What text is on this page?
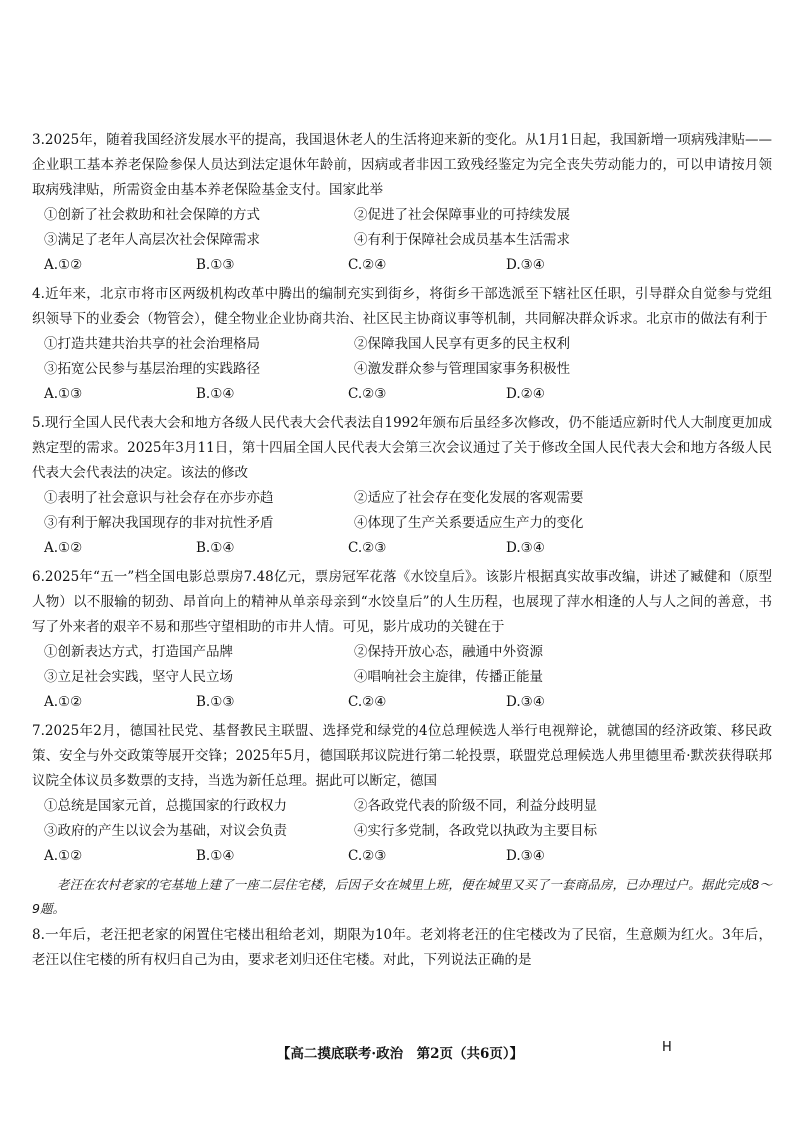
3.2025年，随着我国经济发展水平的提高，我国退休老人的生活将迎来新的变化。从1月1日起，我国新增一项病残津贴——企业职工基本养老保险参保人员达到法定退休年龄前，因病或者非因工致残经鉴定为完全丧失劳动能力的，可以申请按月领取病残津贴，所需资金由基本养老保险基金支付。国家此举
①创新了社会救助和社会保障的方式	②促进了社会保障事业的可持续发展
③满足了老年人高层次社会保障需求	④有利于保障社会成员基本生活需求
A.①②	B.①③	C.②④	D.③④
4.近年来，北京市将市区两级机构改革中腾出的编制充实到街乡，将街乡干部选派至下辖社区任职，引导群众自觉参与党组织领导下的业委会（物管会），健全物业企业协商共治、社区民主协商议事等机制，共同解决群众诉求。北京市的做法有利于
①打造共建共治共享的社会治理格局	②保障我国人民享有更多的民主权利
③拓宽公民参与基层治理的实践路径	④激发群众参与管理国家事务积极性
A.①③	B.①④	C.②③	D.②④
5.现行全国人民代表大会和地方各级人民代表大会代表法自1992年颁布后虽经多次修改，仍不能适应新时代人大制度更加成熟定型的需求。2025年3月11日，第十四届全国人民代表大会第三次会议通过了关于修改全国人民代表大会和地方各级人民代表大会代表法的决定。该法的修改
①表明了社会意识与社会存在亦步亦趋	②适应了社会存在变化发展的客观需要
③有利于解决我国现存的非对抗性矛盾	④体现了生产关系要适应生产力的变化
A.①②	B.①④	C.②③	D.③④
6.2025年“五一”档全国电影总票房7.48亿元，票房冠军花落《水饺皇后》。该影片根据真实故事改编，讲述了臧健和（原型人物）以不服输的韧劲、昂首向上的精神从单亲母亲到“水饺皇后”的人生历程，也展现了萍水相逢的人与人之间的善意，书写了外来者的艰辛不易和那些守望相助的市井人情。可见，影片成功的关键在于
①创新表达方式，打造国产品牌	②保持开放心态，融通中外资源
③立足社会实践，坚守人民立场	④唱响社会主旋律，传播正能量
A.①②	B.①③	C.②④	D.③④
7.2025年2月，德国社民党、基督教民主联盟、选择党和绿党的4位总理候选人举行电视辩论，就德国的经济政策、移民政策、安全与外交政策等展开交锋；2025年5月，德国联邦议院进行第二轮投票，联盟党总理候选人弗里德里希·默茨获得联邦议院全体议员多数票的支持，当选为新任总理。据此可以断定，德国
①总统是国家元首，总揽国家的行政权力	②各政党代表的阶级不同，利益分歧明显
③政府的产生以议会为基础，对议会负责	④实行多党制，各政党以执政为主要目标
A.①②	B.①④	C.②③	D.③④
老汪在农村老家的宅基地上建了一座二层住宅楼，后因子女在城里上班，便在城里又买了一套商品房，已办理过户。据此完成8～9题。
8.一年后，老汪把老家的闲置住宅楼出租给老刘，期限为10年。老刘将老汪的住宅楼改为了民宿，生意颇为红火。3年后，老汪以住宅楼的所有权归自己为由，要求老刘归还住宅楼。对此，下列说法正确的是
【高二摸底联考·政治　第2页（共6页）】	H
